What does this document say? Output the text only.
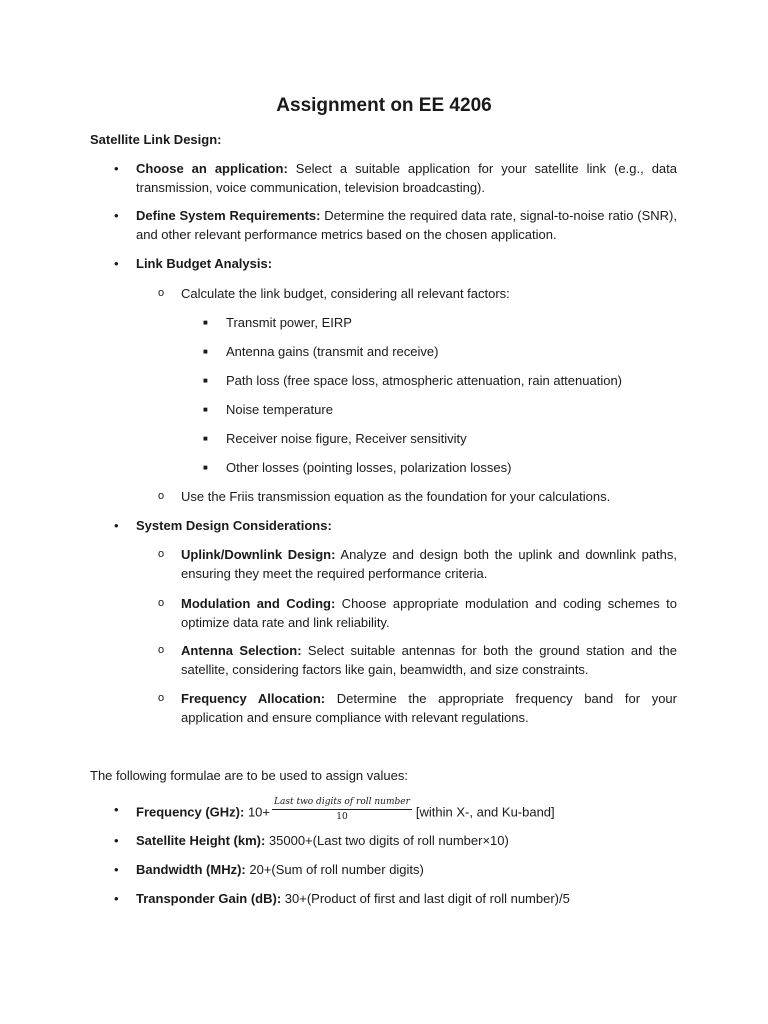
Assignment on EE 4206
Satellite Link Design:
• Choose an application: Select a suitable application for your satellite link (e.g., data transmission, voice communication, television broadcasting).
• Define System Requirements: Determine the required data rate, signal-to-noise ratio (SNR), and other relevant performance metrics based on the chosen application.
• Link Budget Analysis:
o Calculate the link budget, considering all relevant factors:
■ Transmit power, EIRP
■ Antenna gains (transmit and receive)
■ Path loss (free space loss, atmospheric attenuation, rain attenuation)
■ Noise temperature
■ Receiver noise figure, Receiver sensitivity
■ Other losses (pointing losses, polarization losses)
o Use the Friis transmission equation as the foundation for your calculations.
• System Design Considerations:
o Uplink/Downlink Design: Analyze and design both the uplink and downlink paths, ensuring they meet the required performance criteria.
o Modulation and Coding: Choose appropriate modulation and coding schemes to optimize data rate and link reliability.
o Antenna Selection: Select suitable antennas for both the ground station and the satellite, considering factors like gain, beamwidth, and size constraints.
o Frequency Allocation: Determine the appropriate frequency band for your application and ensure compliance with relevant regulations.
The following formulae are to be used to assign values:
• Frequency (GHz): $10+ \frac{\text{Last two digits of roll number}}{10}$ [within X-, and Ku-band]
• Satellite Height (km): 35000+(Last two digits of roll number×10)
• Bandwidth (MHz): 20+(Sum of roll number digits)
• Transponder Gain (dB): 30+(Product of first and last digit of roll number)/5
